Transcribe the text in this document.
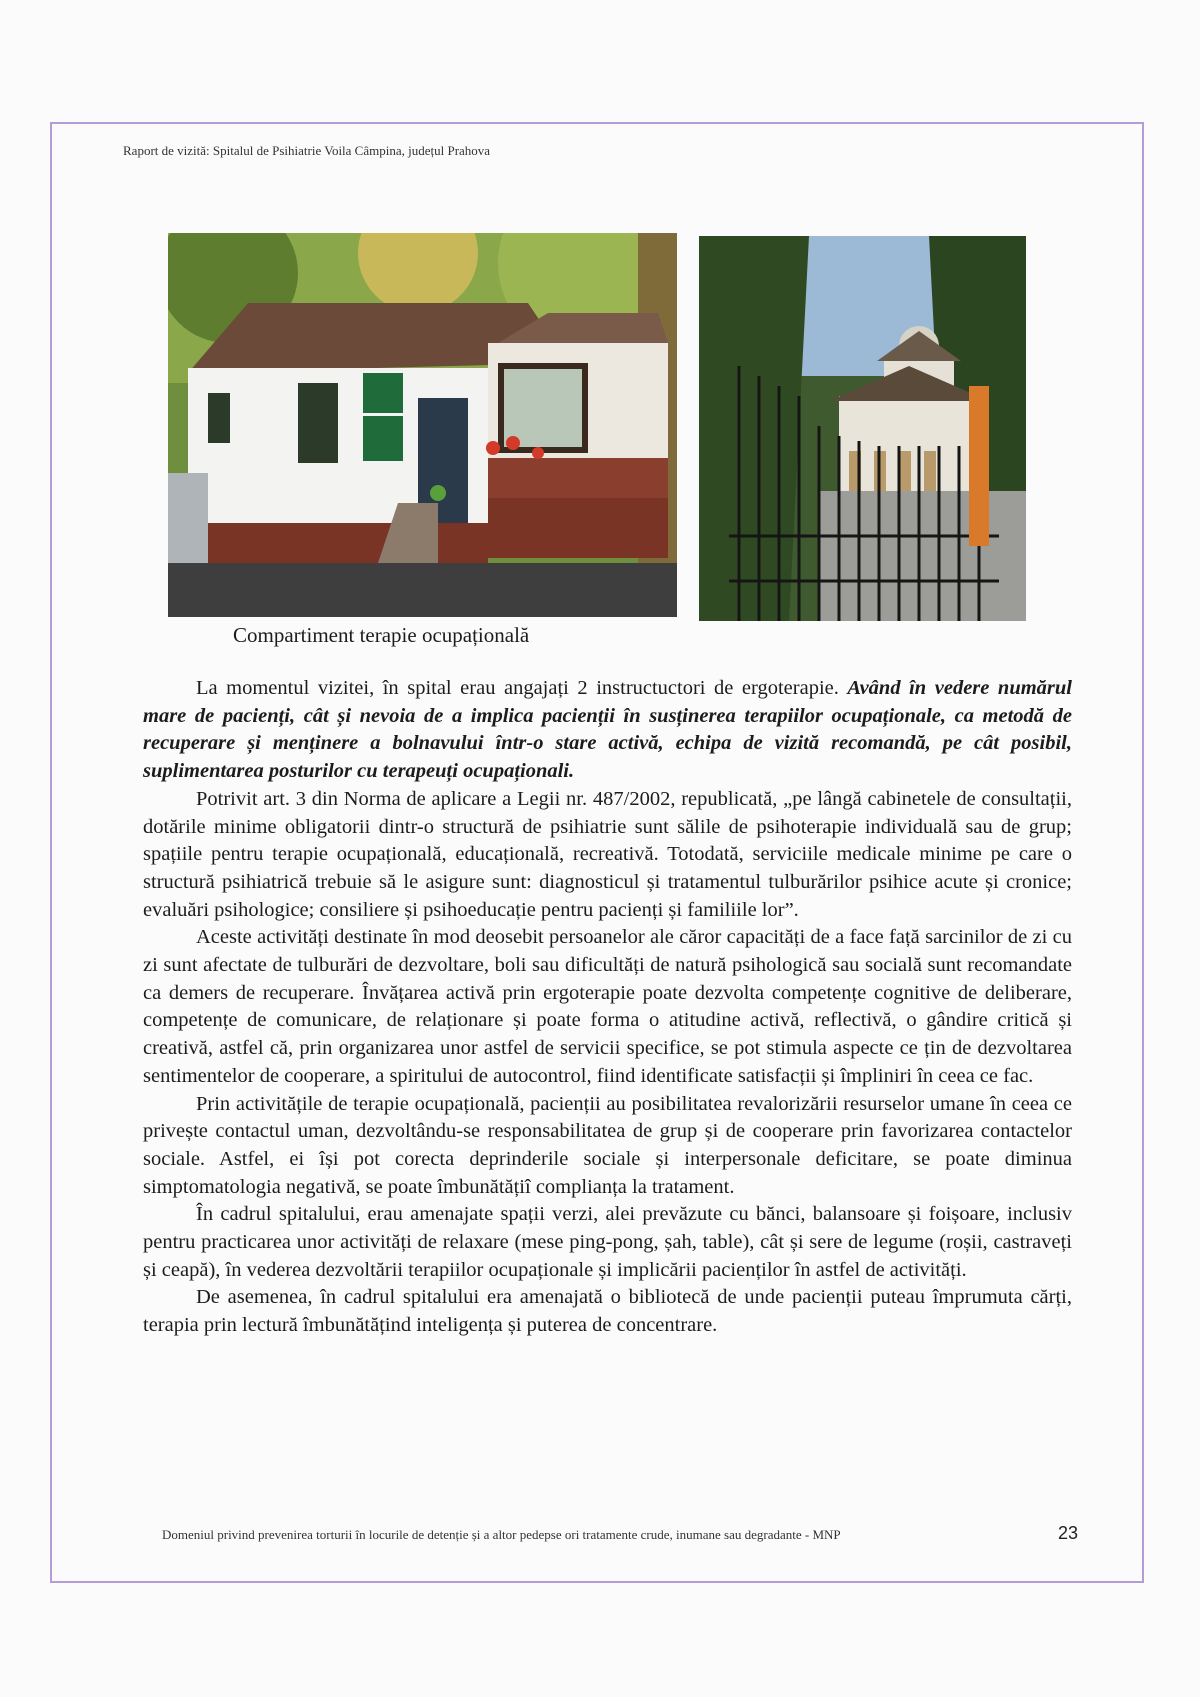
Raport de vizită: Spitalul de Psihiatrie Voila Câmpina, județul Prahova
Compartiment terapie ocupațională

La momentul vizitei, în spital erau angajați 2 instructuctori de ergoterapie. Având în vedere numărul mare de pacienți, cât și nevoia de a implica pacienții în susținerea terapiilor ocupaționale, ca metodă de recuperare și menținere a bolnavului într-o stare activă, echipa de vizită recomandă, pe cât posibil, suplimentarea posturilor cu terapeuți ocupaționali.

Potrivit art. 3 din Norma de aplicare a Legii nr. 487/2002, republicată, „pe lângă cabinetele de consultații, dotările minime obligatorii dintr-o structură de psihiatrie sunt sălile de psihoterapie individuală sau de grup; spațiile pentru terapie ocupațională, educațională, recreativă. Totodată, serviciile medicale minime pe care o structură psihiatrică trebuie să le asigure sunt: diagnosticul și tratamentul tulburărilor psihice acute și cronice; evaluări psihologice; consiliere și psihoeducație pentru pacienți și familiile lor”.

Aceste activități destinate în mod deosebit persoanelor ale căror capacități de a face față sarcinilor de zi cu zi sunt afectate de tulburări de dezvoltare, boli sau dificultăți de natură psihologică sau socială sunt recomandate ca demers de recuperare. Învățarea activă prin ergoterapie poate dezvolta competențe cognitive de deliberare, competențe de comunicare, de relaționare și poate forma o atitudine activă, reflectivă, o gândire critică și creativă, astfel că, prin organizarea unor astfel de servicii specifice, se pot stimula aspecte ce țin de dezvoltarea sentimentelor de cooperare, a spiritului de autocontrol, fiind identificate satisfacții și împliniri în ceea ce fac.

Prin activitățile de terapie ocupațională, pacienții au posibilitatea revalorizării resurselor umane în ceea ce privește contactul uman, dezvoltându-se responsabilitatea de grup și de cooperare prin favorizarea contactelor sociale. Astfel, ei își pot corecta deprinderile sociale și interpersonale deficitare, se poate diminua simptomatologia negativă, se poate îmbunătățiî complianța la tratament.

În cadrul spitalului, erau amenajate spații verzi, alei prevăzute cu bănci, balansoare și foișoare, inclusiv pentru practicarea unor activități de relaxare (mese ping-pong, șah, table), cât și sere de legume (roșii, castraveți și ceapă), în vederea dezvoltării terapiilor ocupaționale și implicării pacienților în astfel de activități.

De asemenea, în cadrul spitalului era amenajată o bibliotecă de unde pacienții puteau împrumuta cărți, terapia prin lectură îmbunătățind inteligența și puterea de concentrare.

Domeniul privind prevenirea torturii în locurile de detenție și a altor pedepse ori tratamente crude, inumane sau degradante - MNP	23
